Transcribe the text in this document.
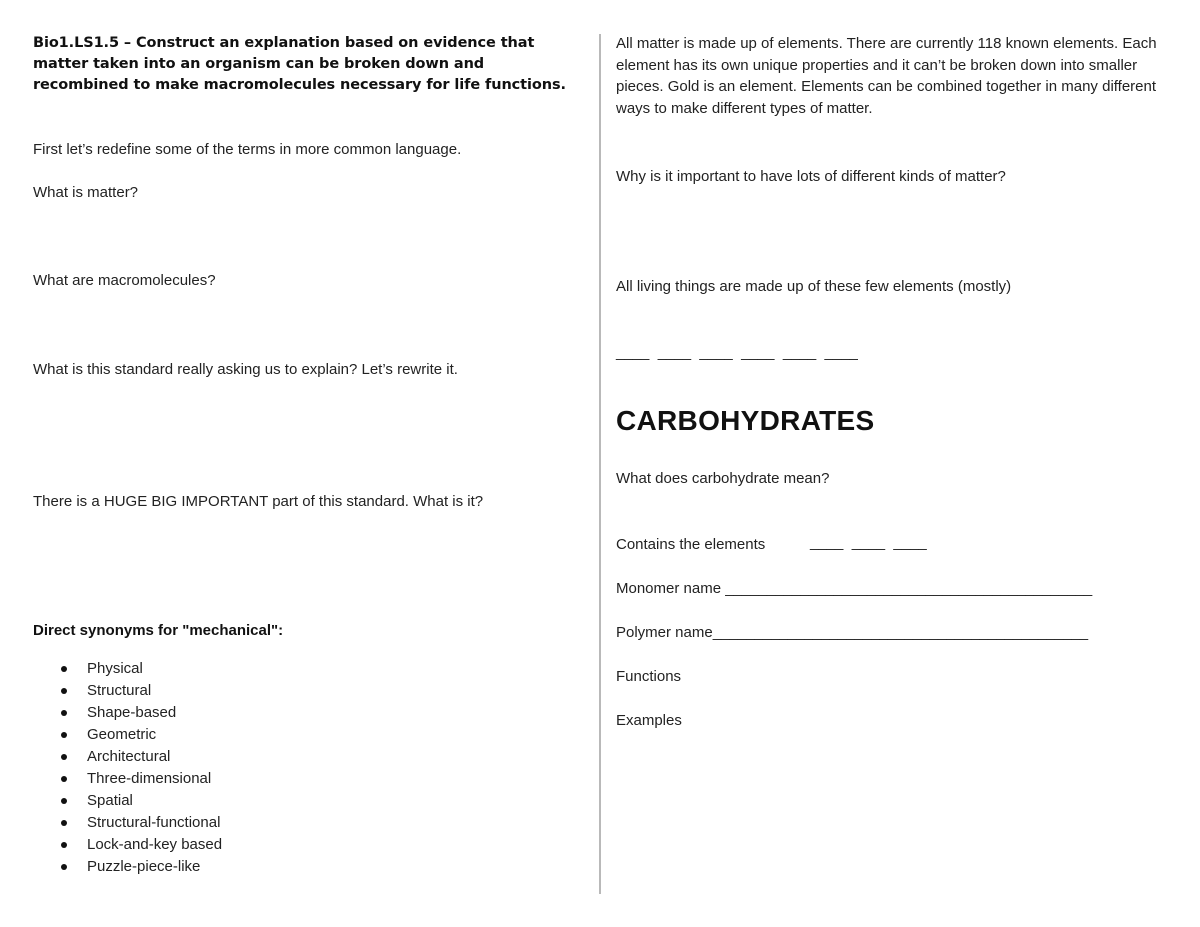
Bio1.LS1.5 – Construct an explanation based on evidence that matter taken into an organism can be broken down and recombined to make macromolecules necessary for life functions.

First let’s redefine some of the terms in more common language.

What is matter?

What are macromolecules?

What is this standard really asking us to explain? Let’s rewrite it.

There is a HUGE BIG IMPORTANT part of this standard. What is it?

Direct synonyms for "mechanical":

Physical
Structural
Shape-based
Geometric
Architectural
Three-dimensional
Spatial
Structural-functional
Lock-and-key based
Puzzle-piece-like

All matter is made up of elements. There are currently 118 known elements. Each element has its own unique properties and it can’t be broken down into smaller pieces. Gold is an element. Elements can be combined together in many different ways to make different types of matter.

Why is it important to have lots of different kinds of matter?

All living things are made up of these few elements (mostly)

____  ____  ____  ____  ____  ____
CARBOHYDRATES

What does carbohydrate mean?

Contains the elements	____  ____  ____

Monomer name ____________________________________________

Polymer name_____________________________________________

Functions

Examples
